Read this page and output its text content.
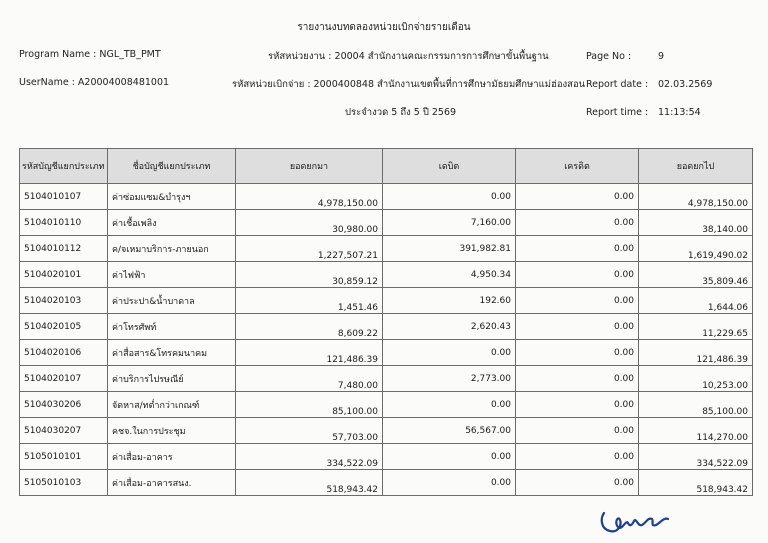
รายงานงบทดลองหน่วยเบิกจ่ายรายเดือน
Program Name : NGL_TB_PMT
UserName : A20004008481001
รหัสหน่วยงาน : 20004 สำนักงานคณะกรรมการการศึกษาขั้นพื้นฐาน
รหัสหน่วยเบิกจ่าย : 2000400848 สำนักงานเขตพื้นที่การศึกษามัธยมศึกษาแม่ฮ่องสอน
ประจำงวด 5 ถึง 5 ปี 2569
Page No :	9
Report date : 02.03.2569
Report time : 11:13:54
รหัสบัญชีแยกประเภท	ชื่อบัญชีแยกประเภท	ยอดยกมา	เดบิต	เครดิต	ยอดยกไป
5104010107	ค่าซ่อมแซม&บำรุงฯ	4,978,150.00	0.00	0.00	4,978,150.00
5104010110	ค่าเชื้อเพลิง	30,980.00	7,160.00	0.00	38,140.00
5104010112	ค/จเหมาบริการ-ภายนอก	1,227,507.21	391,982.81	0.00	1,619,490.02
5104020101	ค่าไฟฟ้า	30,859.12	4,950.34	0.00	35,809.46
5104020103	ค่าประปา&น้ำบาดาล	1,451.46	192.60	0.00	1,644.06
5104020105	ค่าโทรศัพท์	8,609.22	2,620.43	0.00	11,229.65
5104020106	ค่าสื่อสาร&โทรคมนาคม	121,486.39	0.00	0.00	121,486.39
5104020107	ค่าบริการไปรษณีย์	7,480.00	2,773.00	0.00	10,253.00
5104030206	จัดหาส/ทต่ำกว่าเกณฑ์	85,100.00	0.00	0.00	85,100.00
5104030207	คชจ.ในการประชุม	57,703.00	56,567.00	0.00	114,270.00
5105010101	ค่าเสื่อม-อาคาร	334,522.09	0.00	0.00	334,522.09
5105010103	ค่าเสื่อม-อาคารสนง.	518,943.42	0.00	0.00	518,943.42
